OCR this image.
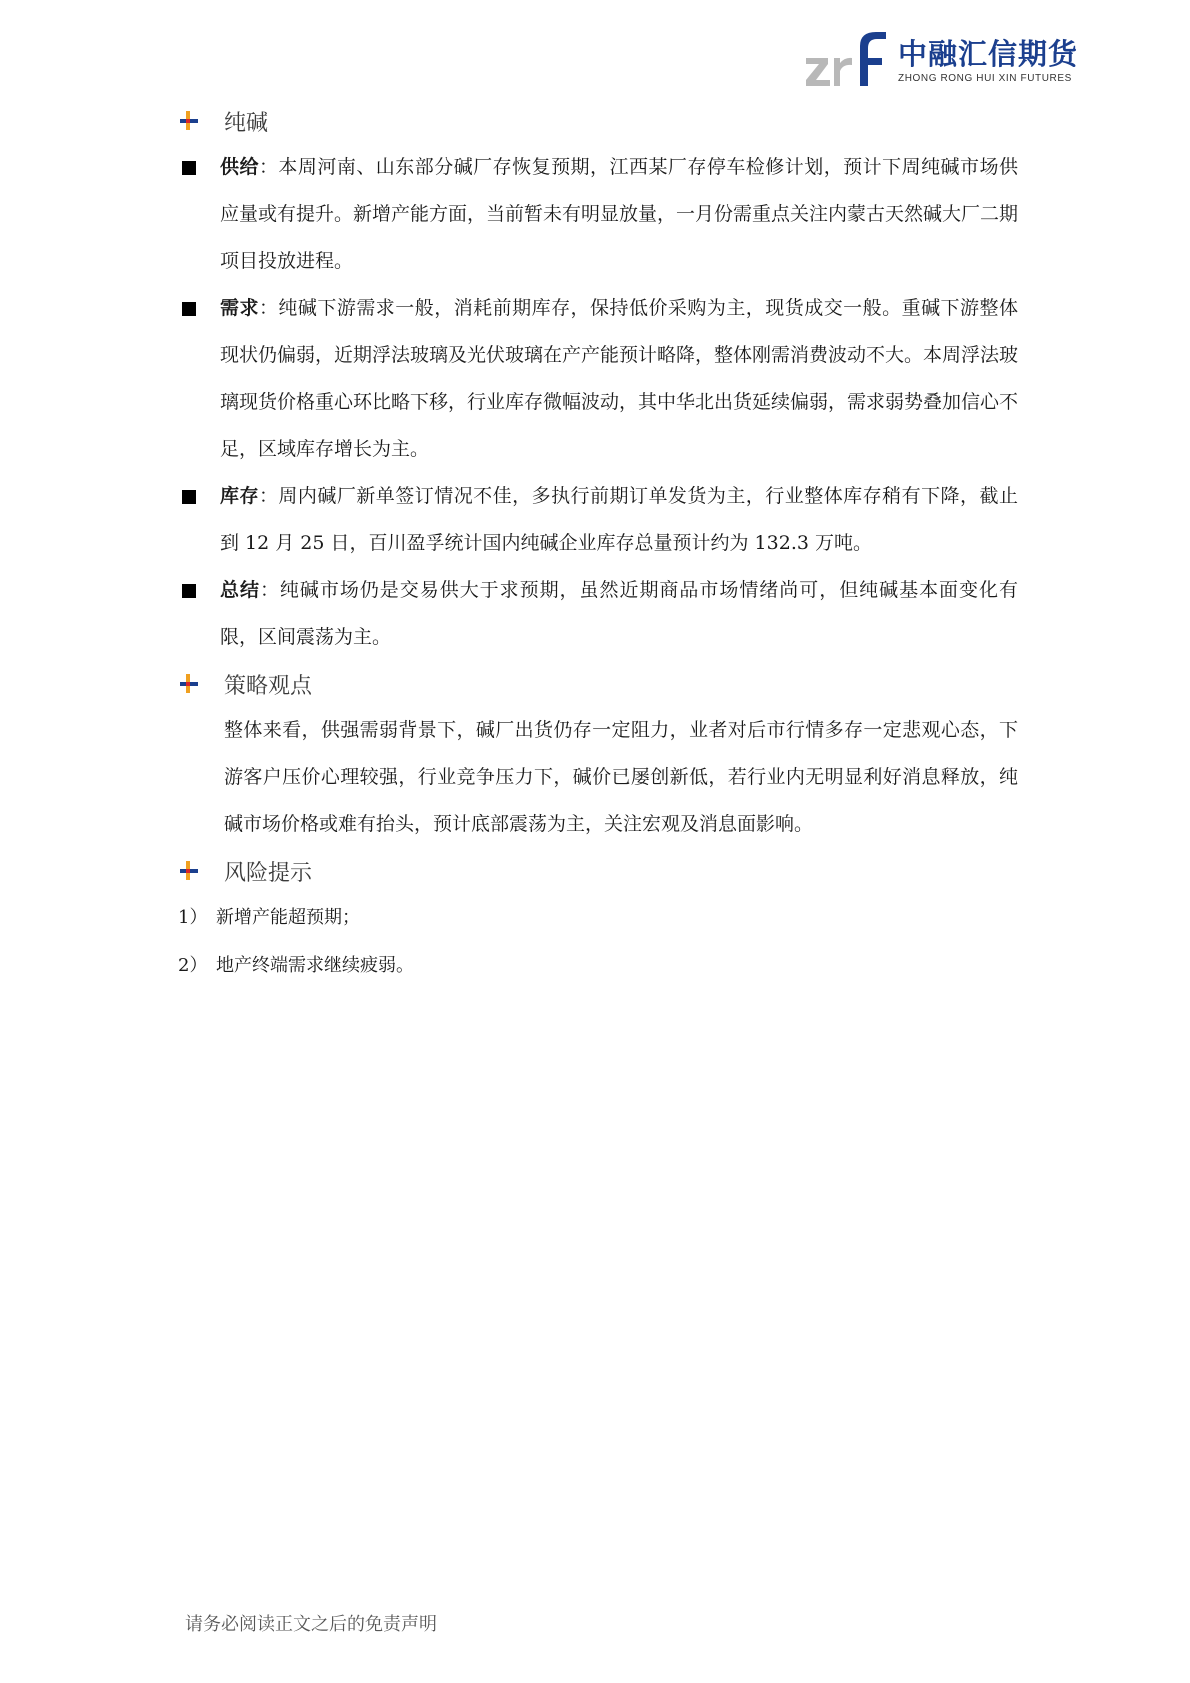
中融汇信期货
ZHONG RONG HUI XIN FUTURES
纯碱
供给：本周河南、山东部分碱厂存恢复预期，江西某厂存停车检修计划，预计下周纯碱市场供应量或有提升。新增产能方面，当前暂未有明显放量，一月份需重点关注内蒙古天然碱大厂二期项目投放进程。
需求：纯碱下游需求一般，消耗前期库存，保持低价采购为主，现货成交一般。重碱下游整体现状仍偏弱，近期浮法玻璃及光伏玻璃在产产能预计略降，整体刚需消费波动不大。本周浮法玻璃现货价格重心环比略下移，行业库存微幅波动，其中华北出货延续偏弱，需求弱势叠加信心不足，区域库存增长为主。
库存：周内碱厂新单签订情况不佳，多执行前期订单发货为主，行业整体库存稍有下降，截止到 12 月 25 日，百川盈孚统计国内纯碱企业库存总量预计约为 132.3 万吨。
总结：纯碱市场仍是交易供大于求预期，虽然近期商品市场情绪尚可，但纯碱基本面变化有限，区间震荡为主。
策略观点
整体来看，供强需弱背景下，碱厂出货仍存一定阻力，业者对后市行情多存一定悲观心态，下游客户压价心理较强，行业竞争压力下，碱价已屡创新低，若行业内无明显利好消息释放，纯碱市场价格或难有抬头，预计底部震荡为主，关注宏观及消息面影响。
风险提示
1） 新增产能超预期；
2） 地产终端需求继续疲弱。
请务必阅读正文之后的免责声明
